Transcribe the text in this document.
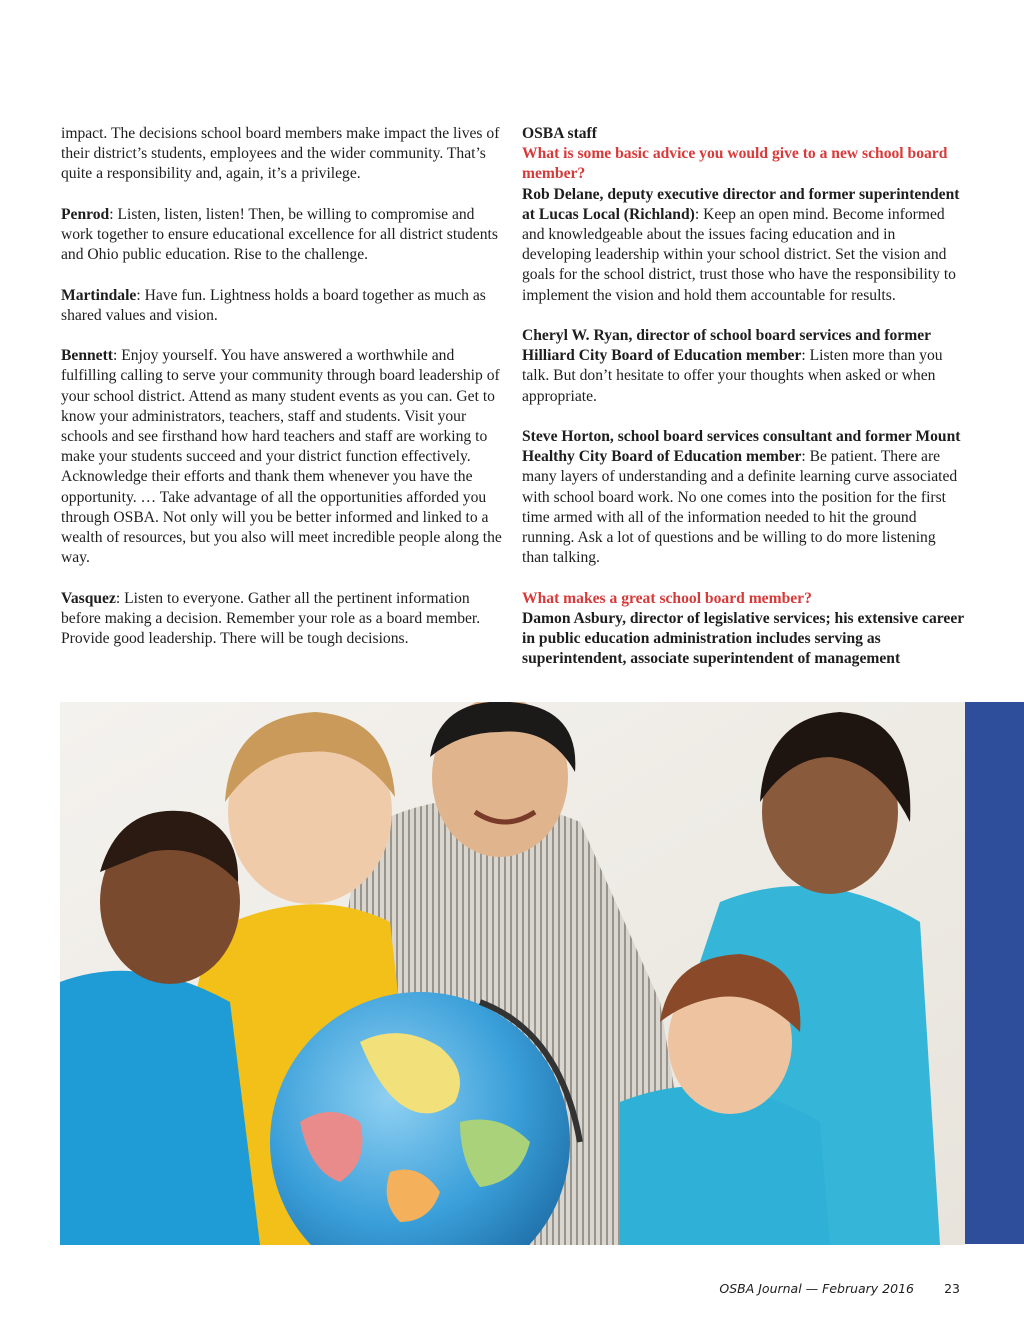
impact. The decisions school board members make impact the lives of their district’s students, employees and the wider community. That’s quite a responsibility and, again, it’s a privilege.

Penrod: Listen, listen, listen! Then, be willing to compromise and work together to ensure educational excellence for all district students and Ohio public education. Rise to the challenge.

Martindale: Have fun. Lightness holds a board together as much as shared values and vision.

Bennett: Enjoy yourself. You have answered a worthwhile and fulfilling calling to serve your community through board leadership of your school district. Attend as many student events as you can. Get to know your administrators, teachers, staff and students. Visit your schools and see firsthand how hard teachers and staff are working to make your students succeed and your district function effectively. Acknowledge their efforts and thank them whenever you have the opportunity. … Take advantage of all the opportunities afforded you through OSBA. Not only will you be better informed and linked to a wealth of resources, but you also will meet incredible people along the way.

Vasquez: Listen to everyone. Gather all the pertinent information before making a decision. Remember your role as a board member. Provide good leadership. There will be tough decisions.

OSBA staff

What is some basic advice you would give to a new school board member?

Rob Delane, deputy executive director and former superintendent at Lucas Local (Richland): Keep an open mind. Become informed and knowledgeable about the issues facing education and in developing leadership within your school district. Set the vision and goals for the school district, trust those who have the responsibility to implement the vision and hold them accountable for results.

Cheryl W. Ryan, director of school board services and former Hilliard City Board of Education member: Listen more than you talk. But don’t hesitate to offer your thoughts when asked or when appropriate.

Steve Horton, school board services consultant and former Mount Healthy City Board of Education member: Be patient. There are many layers of understanding and a definite learning curve associated with school board work. No one comes into the position for the first time armed with all of the information needed to hit the ground running. Ask a lot of questions and be willing to do more listening than talking.

What makes a great school board member?

Damon Asbury, director of legislative services; his extensive career in public education administration includes serving as superintendent, associate superintendent of management

OSBA Journal — February 2016 23
